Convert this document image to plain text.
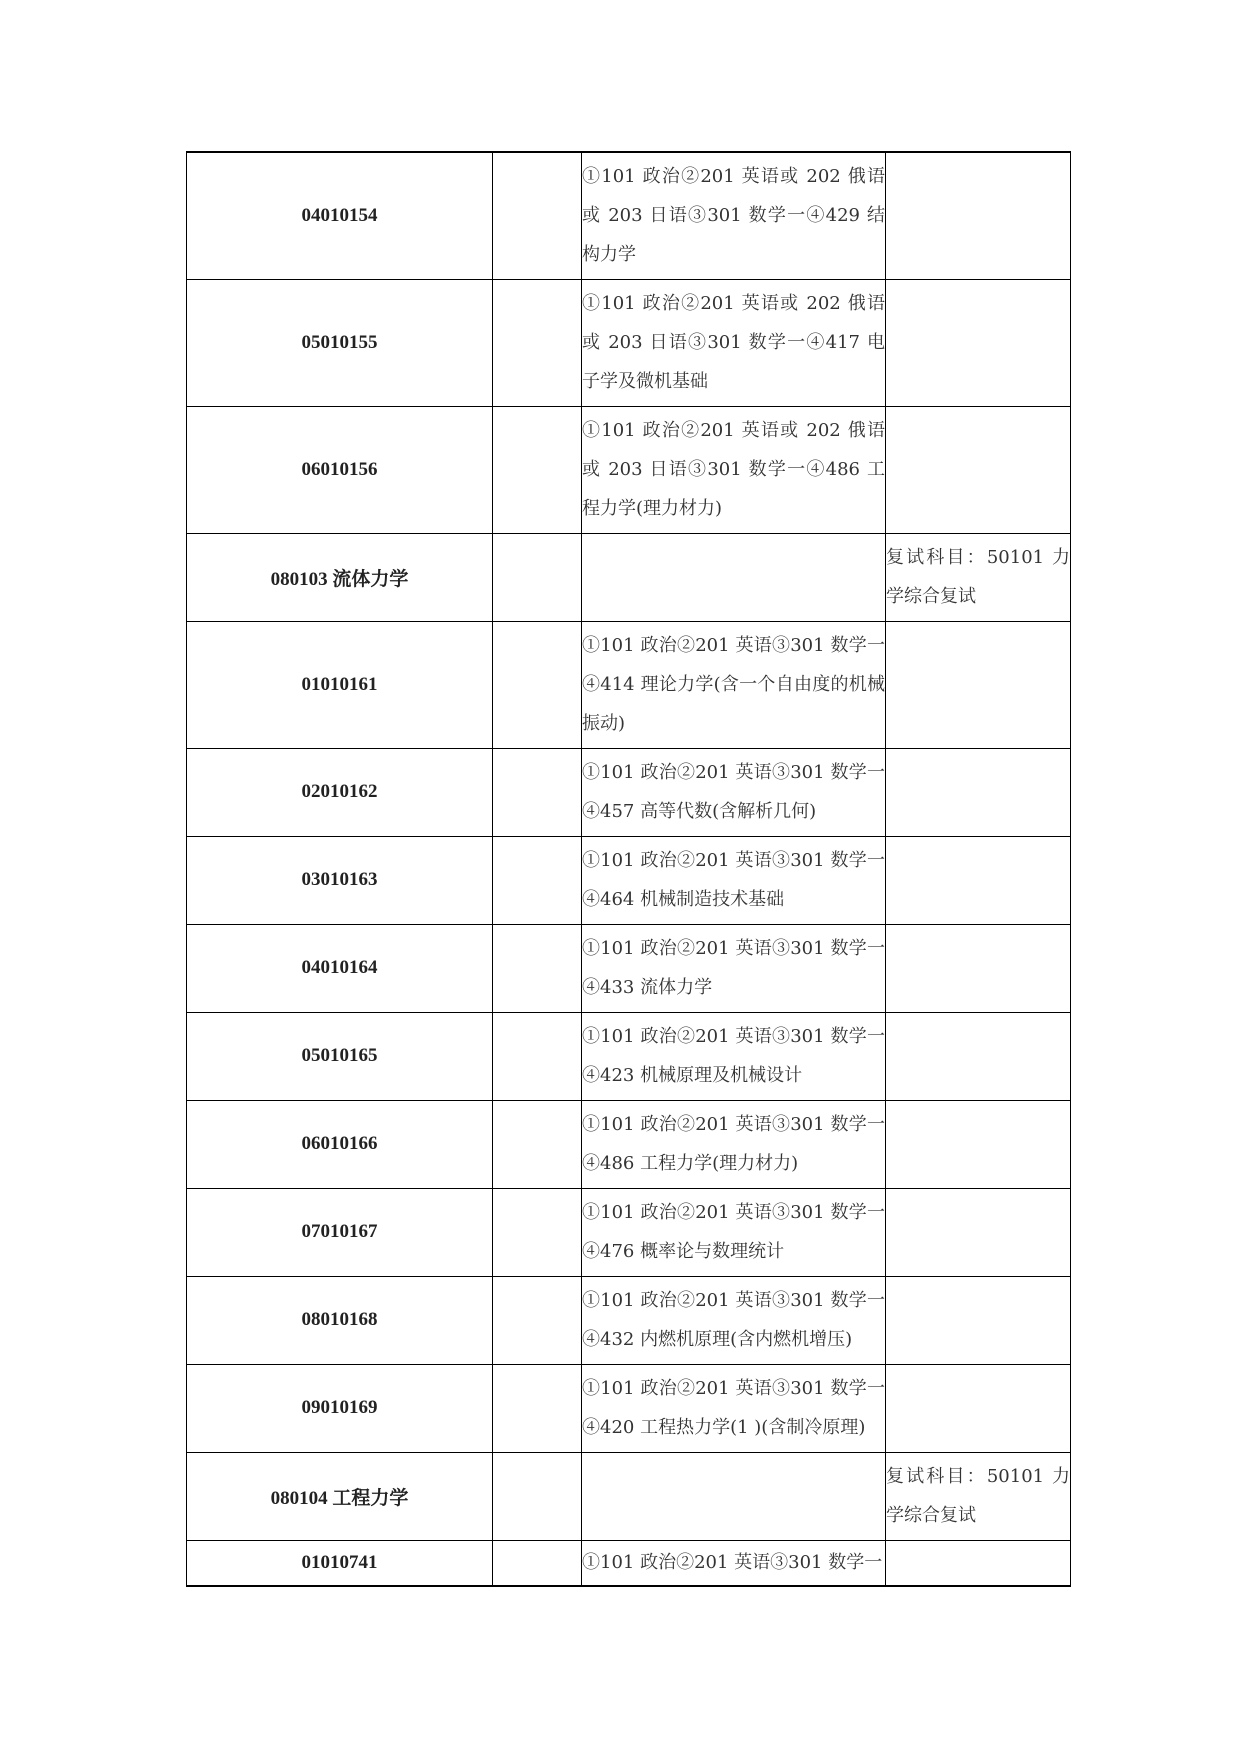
04010154		①101 政治②201 英语或 202 俄语或 203 日语③301 数学一④429 结构力学	
05010155		①101 政治②201 英语或 202 俄语或 203 日语③301 数学一④417 电子学及微机基础	
06010156		①101 政治②201 英语或 202 俄语或 203 日语③301 数学一④486 工程力学(理力材力)	
080103 流体力学			复试科目：50101 力学综合复试
01010161		①101 政治②201 英语③301 数学一④414 理论力学(含一个自由度的机械振动)	
02010162		①101 政治②201 英语③301 数学一④457 高等代数(含解析几何)	
03010163		①101 政治②201 英语③301 数学一④464 机械制造技术基础	
04010164		①101 政治②201 英语③301 数学一④433 流体力学	
05010165		①101 政治②201 英语③301 数学一④423 机械原理及机械设计	
06010166		①101 政治②201 英语③301 数学一④486 工程力学(理力材力)	
07010167		①101 政治②201 英语③301 数学一④476 概率论与数理统计	
08010168		①101 政治②201 英语③301 数学一④432 内燃机原理(含内燃机增压)	
09010169		①101 政治②201 英语③301 数学一④420 工程热力学(1 )(含制冷原理)	
080104 工程力学			复试科目：50101 力学综合复试
01010741		①101 政治②201 英语③301 数学一	
